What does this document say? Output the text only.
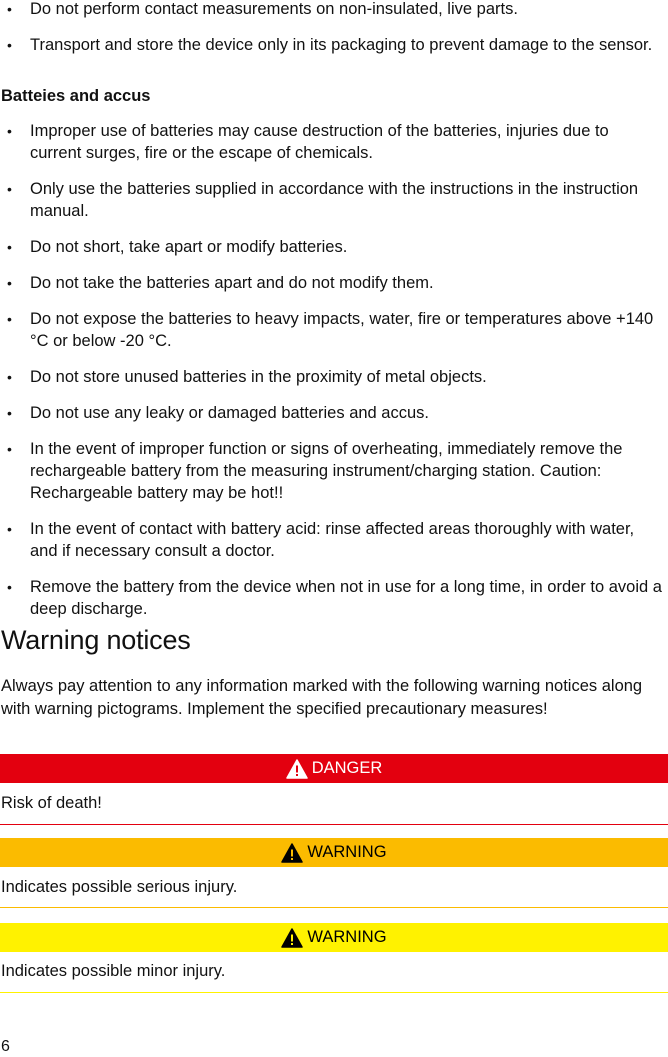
• Do not perform contact measurements on non-insulated, live parts.
• Transport and store the device only in its packaging to prevent damage to the sensor.
Batteies and accus
• Improper use of batteries may cause destruction of the batteries, injuries due to current surges, fire or the escape of chemicals.
• Only use the batteries supplied in accordance with the instructions in the instruction manual.
• Do not short, take apart or modify batteries.
• Do not take the batteries apart and do not modify them.
• Do not expose the batteries to heavy impacts, water, fire or temperatures above +140 °C or below -20 °C.
• Do not store unused batteries in the proximity of metal objects.
• Do not use any leaky or damaged batteries and accus.
• In the event of improper function or signs of overheating, immediately remove the rechargeable battery from the measuring instrument/charging station. Caution: Rechargeable battery may be hot!!
• In the event of contact with battery acid: rinse affected areas thoroughly with water, and if necessary consult a doctor.
• Remove the battery from the device when not in use for a long time, in order to avoid a deep discharge.
Warning notices
Always pay attention to any information marked with the following warning notices along with warning pictograms. Implement the specified precautionary measures!
DANGER
Risk of death!
WARNING
Indicates possible serious injury.
WARNING
Indicates possible minor injury.
6
